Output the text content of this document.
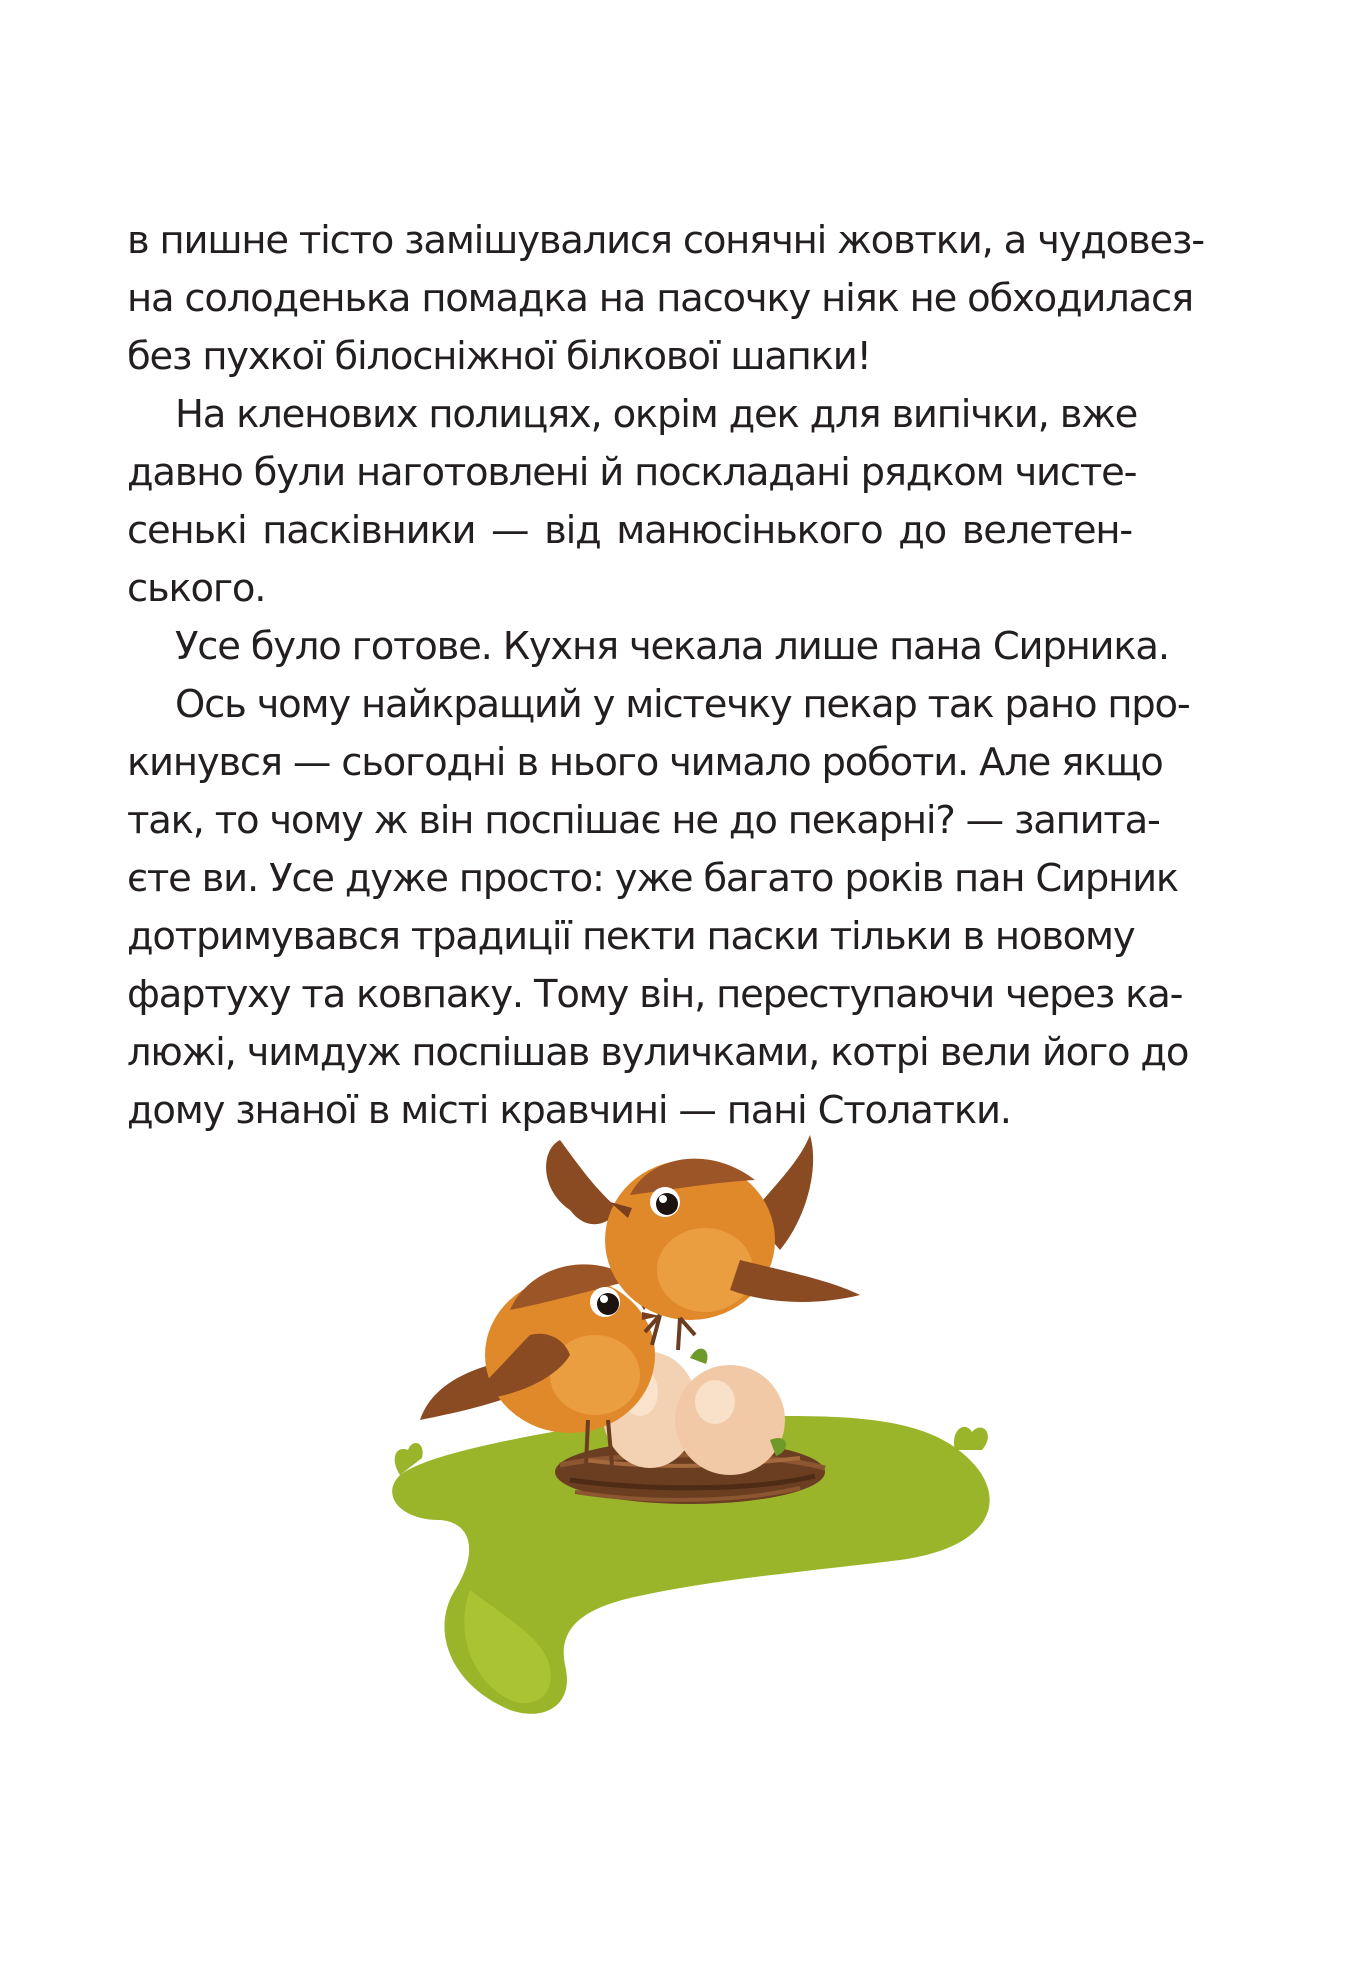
в пишне тісто замішувалися сонячні жовтки, а чудовез-
на солоденька помадка на пасочку ніяк не обходилася
без пухкої білосніжної білкової шапки!
На кленових полицях, окрім дек для випічки, вже
давно були наготовлені й поскладані рядком чисте-
сенькі пасківники — від манюсінького до велетен-
ського.
Усе було готове. Кухня чекала лише пана Сирника.
Ось чому найкращий у містечку пекар так рано про-
кинувся — сьогодні в нього чимало роботи. Але якщо
так, то чому ж він поспішає не до пекарні? — запита-
єте ви. Усе дуже просто: уже багато років пан Сирник
дотримувався традиції пекти паски тільки в новому
фартуху та ковпаку. Тому він, переступаючи через ка-
люжі, чимдуж поспішав вуличками, котрі вели його до
дому знаної в місті кравчині — пані Столатки.
